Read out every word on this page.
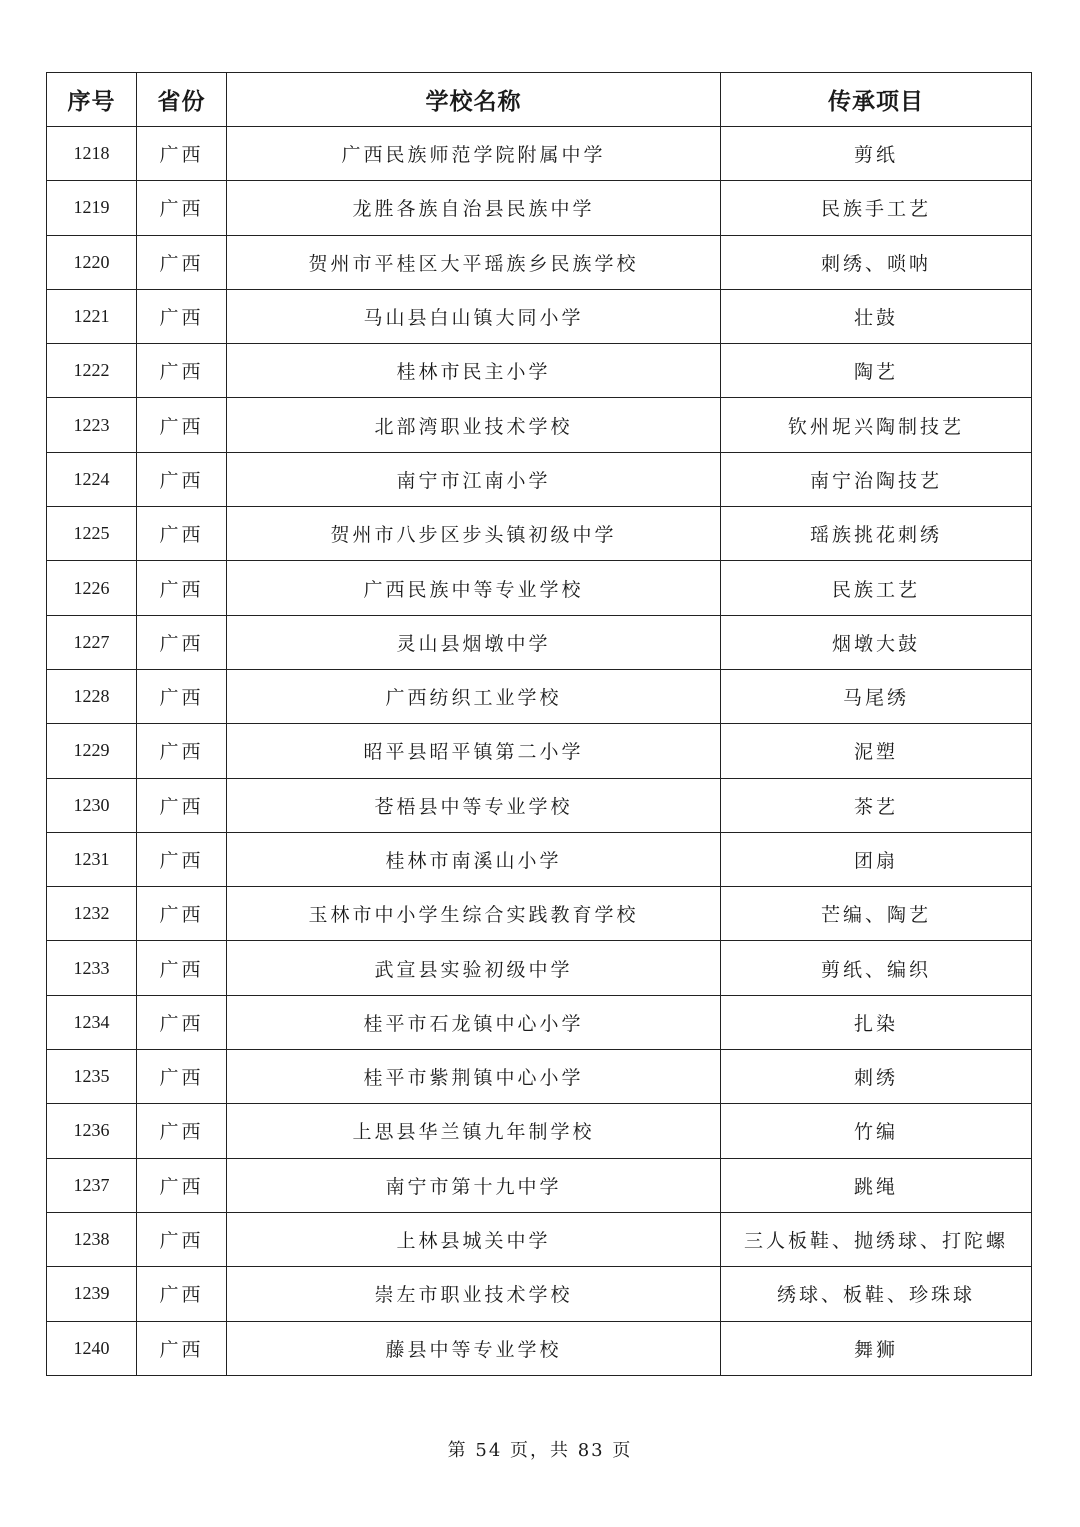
序号	省份	学校名称	传承项目
1218	广西	广西民族师范学院附属中学	剪纸
1219	广西	龙胜各族自治县民族中学	民族手工艺
1220	广西	贺州市平桂区大平瑶族乡民族学校	刺绣、唢呐
1221	广西	马山县白山镇大同小学	壮鼓
1222	广西	桂林市民主小学	陶艺
1223	广西	北部湾职业技术学校	钦州坭兴陶制技艺
1224	广西	南宁市江南小学	南宁治陶技艺
1225	广西	贺州市八步区步头镇初级中学	瑶族挑花刺绣
1226	广西	广西民族中等专业学校	民族工艺
1227	广西	灵山县烟墩中学	烟墩大鼓
1228	广西	广西纺织工业学校	马尾绣
1229	广西	昭平县昭平镇第二小学	泥塑
1230	广西	苍梧县中等专业学校	茶艺
1231	广西	桂林市南溪山小学	团扇
1232	广西	玉林市中小学生综合实践教育学校	芒编、陶艺
1233	广西	武宣县实验初级中学	剪纸、编织
1234	广西	桂平市石龙镇中心小学	扎染
1235	广西	桂平市紫荆镇中心小学	刺绣
1236	广西	上思县华兰镇九年制学校	竹编
1237	广西	南宁市第十九中学	跳绳
1238	广西	上林县城关中学	三人板鞋、抛绣球、打陀螺
1239	广西	崇左市职业技术学校	绣球、板鞋、珍珠球
1240	广西	藤县中等专业学校	舞狮
第 54 页，共 83 页
